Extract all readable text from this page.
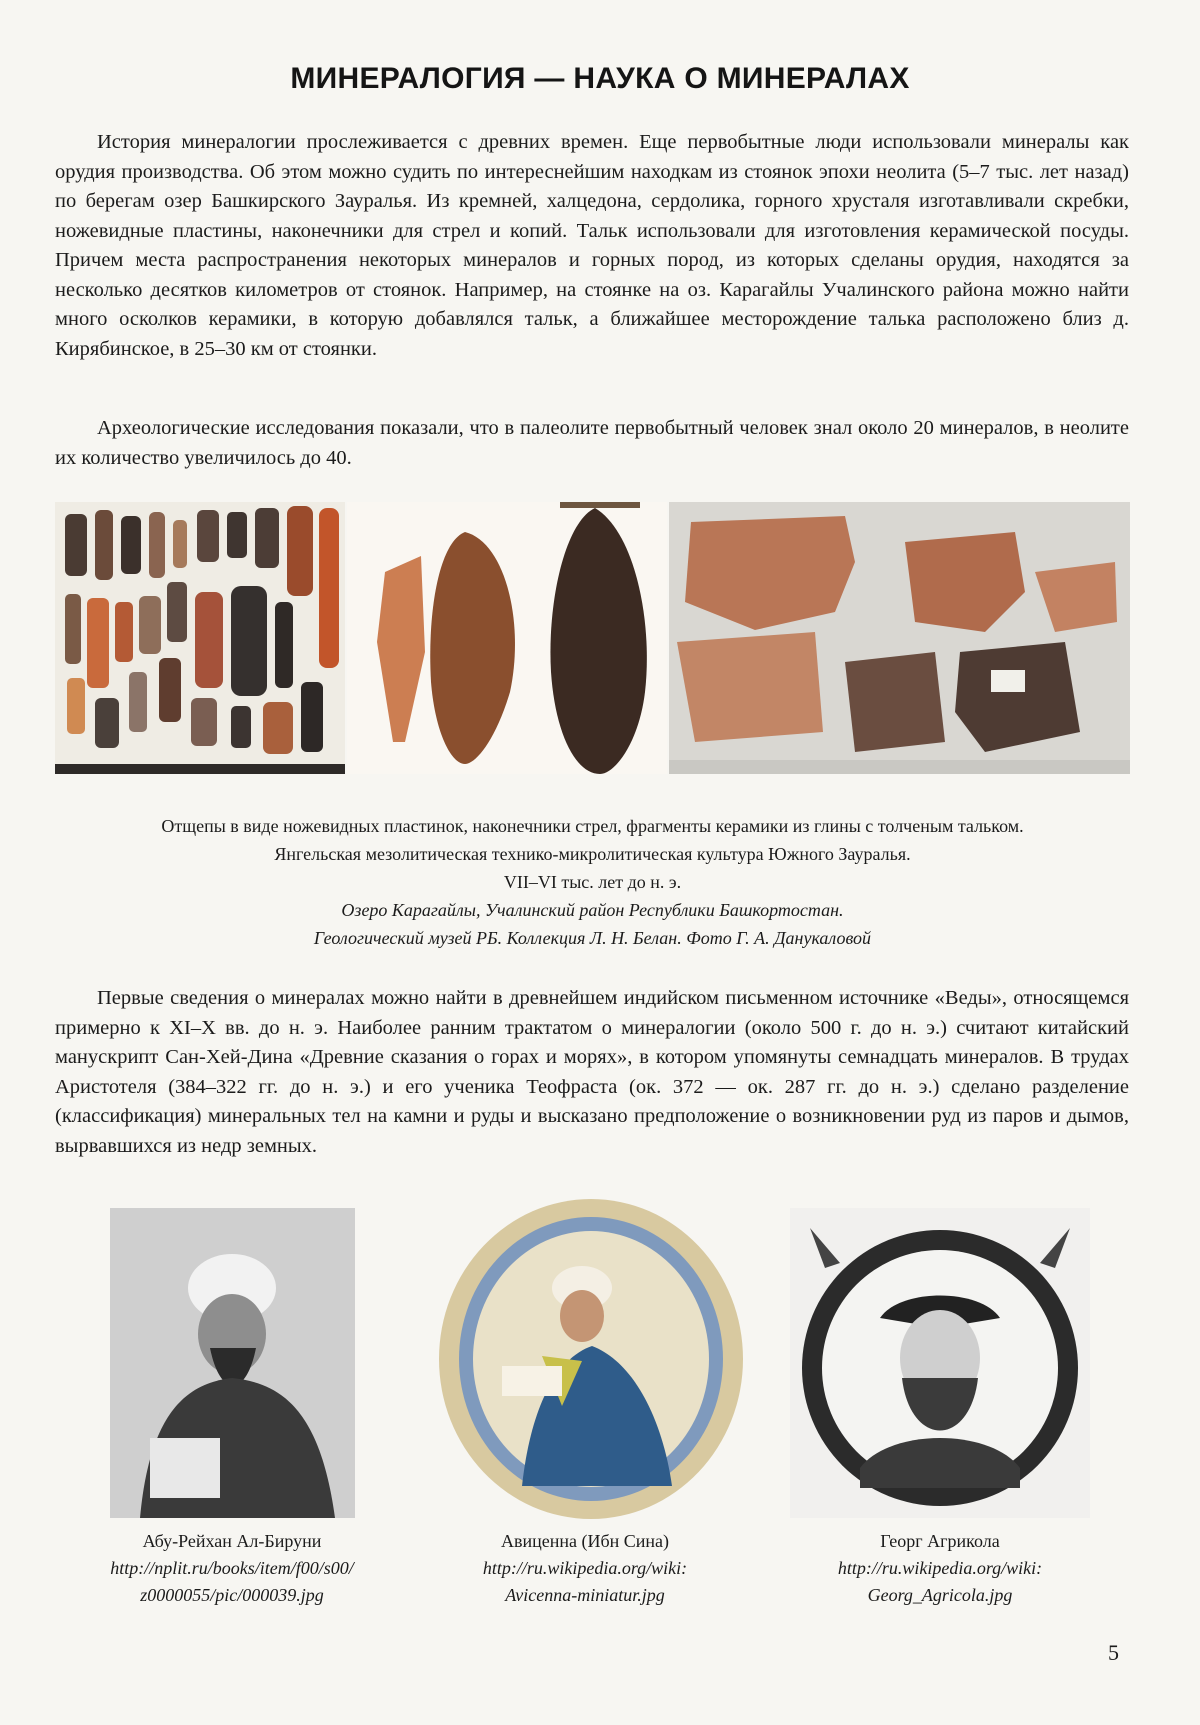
МИНЕРАЛОГИЯ — НАУКА О МИНЕРАЛАХ

История минералогии прослеживается с древних времен. Еще первобытные люди использовали минералы как орудия производства. Об этом можно судить по интереснейшим находкам из стоянок эпохи неолита (5–7 тыс. лет назад) по берегам озер Башкирского Зауралья. Из кремней, халцедона, сердолика, горного хрусталя изготавливали скребки, ножевидные пластины, наконечники для стрел и копий. Тальк использовали для изготовления керамической посуды. Причем места распространения некоторых минералов и горных пород, из которых сделаны орудия, находятся за несколько десятков километров от стоянок. Например, на стоянке на оз. Карагайлы Учалинского района можно найти много осколков керамики, в которую добавлялся тальк, а ближайшее месторождение талька расположено близ д. Кирябинское, в 25–30 км от стоянки.

Археологические исследования показали, что в палеолите первобытный человек знал около 20 минералов, в неолите их количество увеличилось до 40.

Отщепы в виде ножевидных пластинок, наконечники стрел, фрагменты керамики из глины с толченым тальком.
Янгельская мезолитическая технико-микролитическая культура Южного Зауралья.
VII–VI тыс. лет до н. э.
Озеро Карагайлы, Учалинский район Республики Башкортостан.
Геологический музей РБ. Коллекция Л. Н. Белан. Фото Г. А. Данукаловой

Первые сведения о минералах можно найти в древнейшем индийском письменном источнике «Веды», относящемся примерно к XI–X вв. до н. э. Наиболее ранним трактатом о минералогии (около 500 г. до н. э.) считают китайский манускрипт Сан-Хей-Дина «Древние сказания о горах и морях», в котором упомянуты семнадцать минералов. В трудах Аристотеля (384–322 гг. до н. э.) и его ученика Теофраста (ок. 372 — ок. 287 гг. до н. э.) сделано разделение (классификация) минеральных тел на камни и руды и высказано предположение о возникновении руд из паров и дымов, вырвавшихся из недр земных.

Абу-Рейхан Ал-Бируни
http://nplit.ru/books/item/f00/s00/
z0000055/pic/000039.jpg
Авиценна (Ибн Сина)
http://ru.wikipedia.org/wiki:
Avicenna-miniatur.jpg
Георг Агрикола
http://ru.wikipedia.org/wiki:
Georg_Agricola.jpg
5
